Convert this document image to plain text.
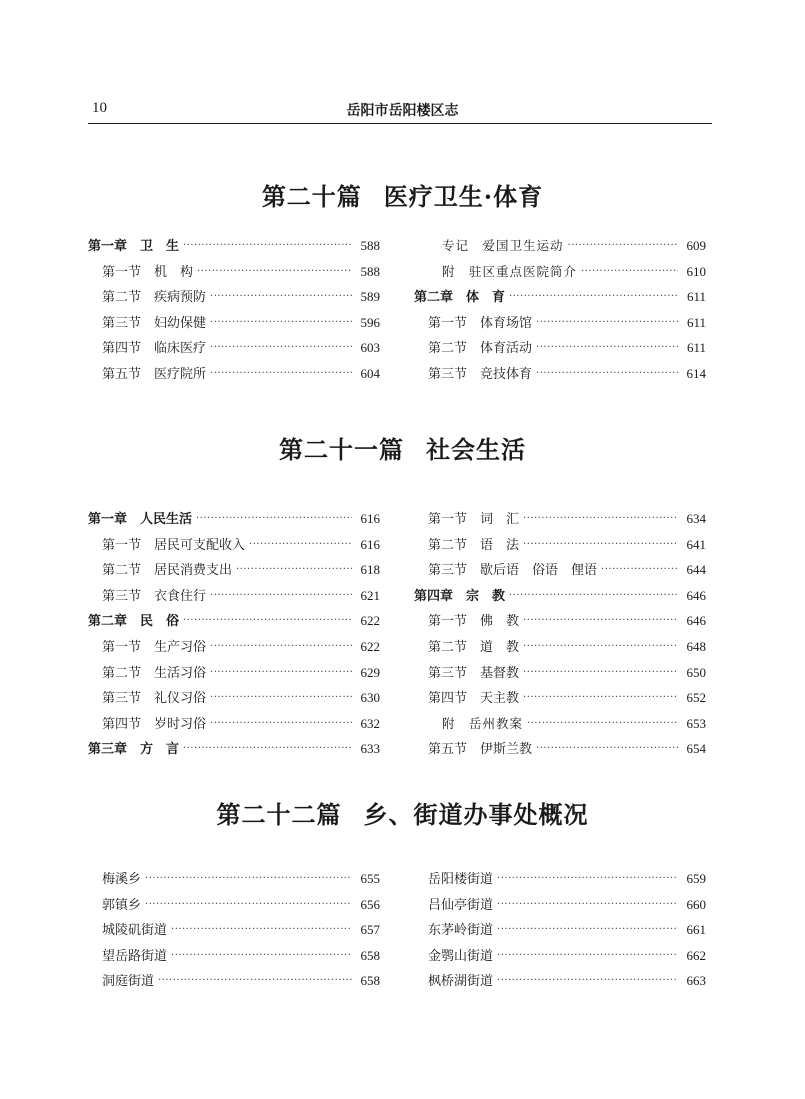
10	岳阳市岳阳楼区志
第二十篇 医疗卫生·体育
第一章　卫　生 ·····	588
第一节　机　构 ·····	588
第二节　疾病预防 ·····	589
第三节　妇幼保健 ·····	596
第四节　临床医疗 ·····	603
第五节　医疗院所 ·····	604
专记　爱国卫生运动 ·····	609
附　驻区重点医院简介 ·····	610
第二章　体　育 ·····	611
第一节　体育场馆 ·····	611
第二节　体育活动 ·····	611
第三节　竞技体育 ·····	614
第二十一篇 社会生活
第一章　人民生活 ·····	616
第一节　居民可支配收入 ·····	616
第二节　居民消费支出 ·····	618
第三节　衣食住行 ·····	621
第二章　民　俗 ·····	622
第一节　生产习俗 ·····	622
第二节　生活习俗 ·····	629
第三节　礼仪习俗 ·····	630
第四节　岁时习俗 ·····	632
第三章　方　言 ·····	633
第一节　词　汇 ·····	634
第二节　语　法 ·····	641
第三节　歇后语　俗语　俚语 ·····	644
第四章　宗　教 ·····	646
第一节　佛　教 ·····	646
第二节　道　教 ·····	648
第三节　基督教 ·····	650
第四节　天主教 ·····	652
附　岳州教案 ·····	653
第五节　伊斯兰教 ·····	654
第二十二篇 乡、街道办事处概况
梅溪乡 ·····	655
郭镇乡 ·····	656
城陵矶街道 ·····	657
望岳路街道 ·····	658
洞庭街道 ·····	658
岳阳楼街道 ·····	659
吕仙亭街道 ·····	660
东茅岭街道 ·····	661
金鹗山街道 ·····	662
枫桥湖街道 ·····	663
